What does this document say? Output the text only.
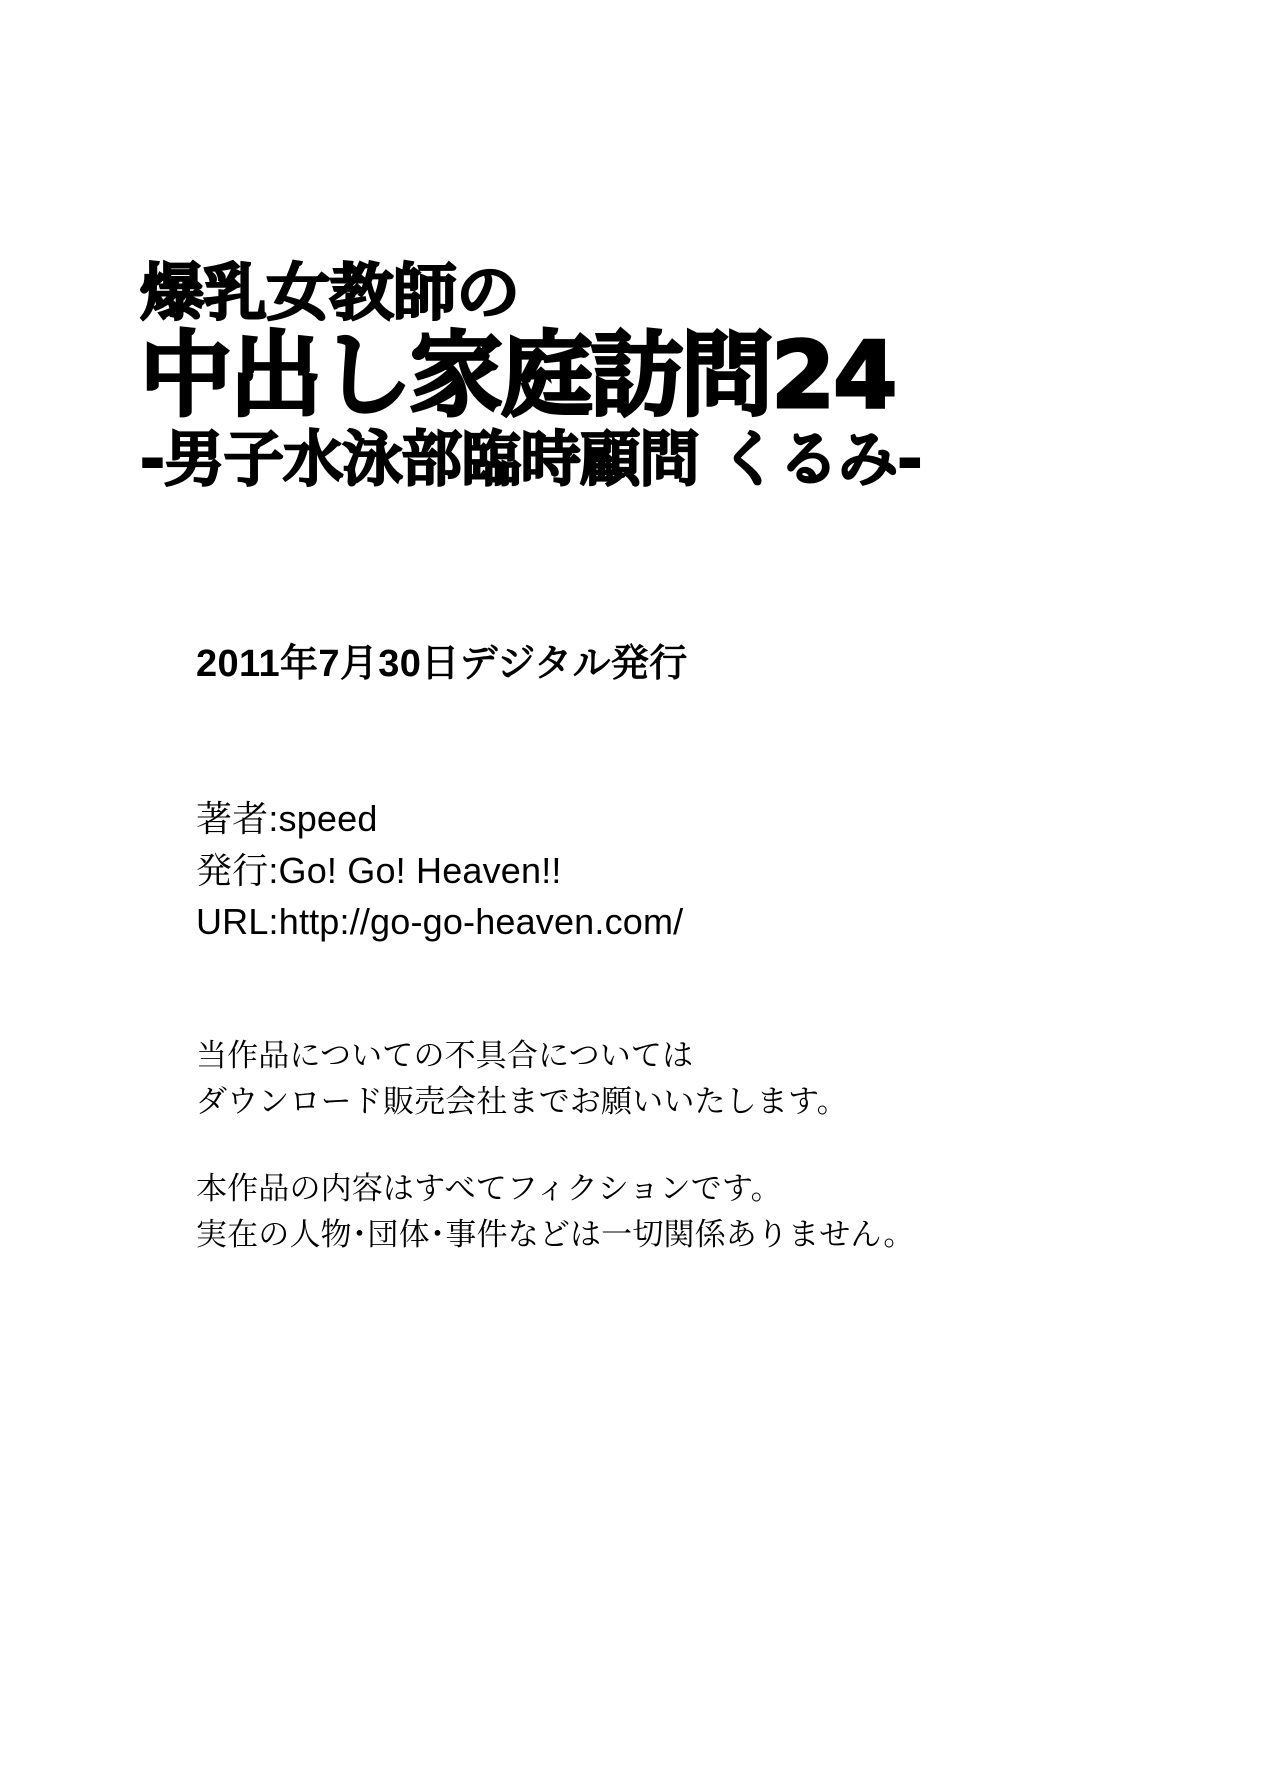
爆乳女教師の
中出し家庭訪問24
-男子水泳部臨時顧問 くるみ-
2011年7月30日デジタル発行
著者:speed
発行:Go! Go! Heaven!!
URL:http://go-go-heaven.com/
当作品についての不具合については
ダウンロード販売会社までお願いいたします。
本作品の内容はすべてフィクションです。
実在の人物･団体･事件などは一切関係ありません。
